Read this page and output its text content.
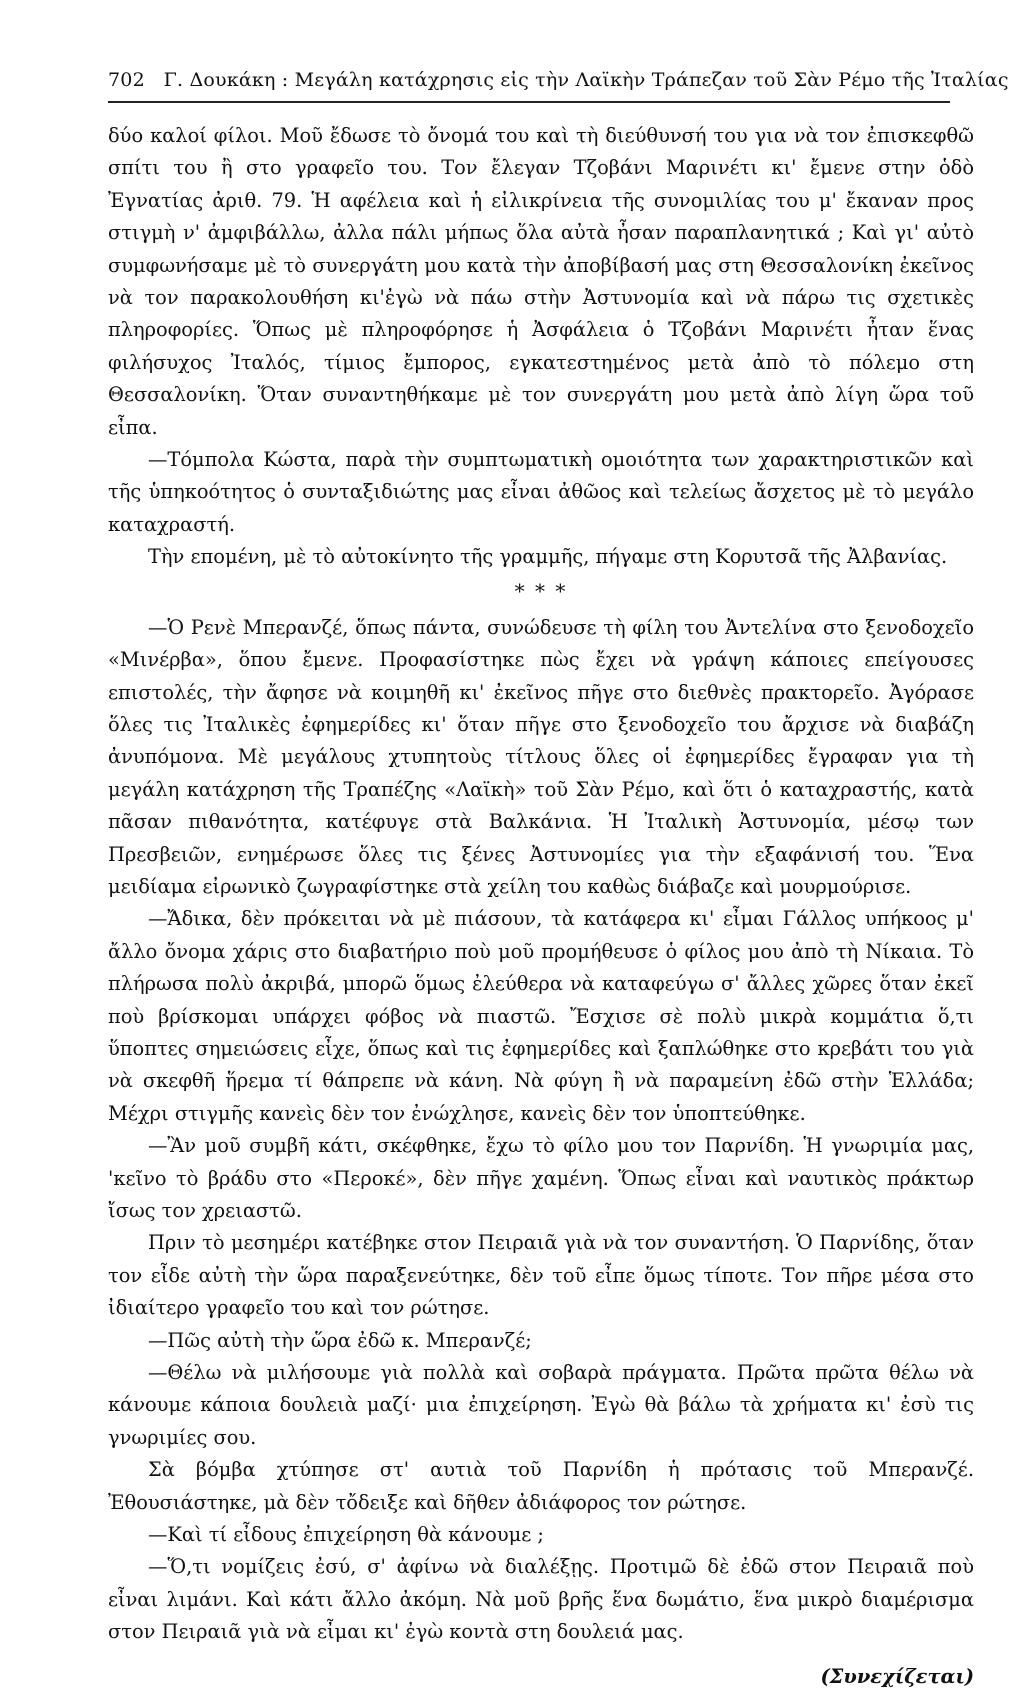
702 Γ. Δουκάκη : Μεγάλη κατάχρησις εἰς τὴν Λαϊκὴν Τράπεζαν τοῦ Σὰν Ρέμο τῆς Ἰταλίας

δύο καλοί φίλοι. Μοῦ ἔδωσε τὸ ὄνομά του καὶ τὴ διεύθυνσή του για νὰ τον ἐπισκεφθῶ σπίτι του ἢ στο γραφεῖο του. Τον ἔλεγαν Τζοβάνι Μαρινέτι κι' ἔμενε στην ὁδὸ Ἐγνατίας ἀριθ. 79. Ἡ αφέλεια καὶ ἡ εἰλικρίνεια τῆς συνομιλίας του μ' ἔκαναν προς στιγμὴ ν' ἀμφιβάλλω, ἀλλα πάλι μήπως ὅλα αὐτὰ ἦσαν παραπλανητικά ; Καὶ γι' αὐτὸ συμφωνήσαμε μὲ τὸ συνεργάτη μου κατὰ τὴν ἀποβίβασή μας στη Θεσσαλονίκη ἐκεῖνος νὰ τον παρακολουθήση κι'ἐγὼ νὰ πάω στὴν Ἀστυνομία καὶ νὰ πάρω τις σχετικὲς πληροφορίες. Ὅπως μὲ πληροφόρησε ἡ Ἀσφάλεια ὁ Τζοβάνι Μαρινέτι ἦταν ἕνας φιλήσυχος Ἰταλός, τίμιος ἔμπορος, εγκατεστημένος μετὰ ἀπὸ τὸ πόλεμο στη Θεσσαλονίκη. Ὅταν συναντηθήκαμε μὲ τον συνεργάτη μου μετὰ ἀπὸ λίγη ὥρα τοῦ εἶπα.

—Τόμπολα Κώστα, παρὰ τὴν συμπτωματικὴ ομοιότητα των χαρακτηριστικῶν καὶ τῆς ὑπηκοότητος ὁ συνταξιδιώτης μας εἶναι ἀθῶος καὶ τελείως ἄσχετος μὲ τὸ μεγάλο καταχραστή.

Τὴν επομένη, μὲ τὸ αὐτοκίνητο τῆς γραμμῆς, πήγαμε στη Κορυτσᾶ τῆς Ἀλβανίας.

* * *

—Ὁ Ρενὲ Μπερανζέ, ὅπως πάντα, συνώδευσε τὴ φίλη του Ἀντελίνα στο ξενοδοχεῖο «Μινέρβα», ὅπου ἔμενε. Προφασίστηκε πὼς ἔχει νὰ γράψη κάποιες επείγουσες επιστολές, τὴν ἄφησε νὰ κοιμηθῆ κι' ἐκεῖνος πῆγε στο διεθνὲς πρακτορεῖο. Ἀγόρασε ὅλες τις Ἰταλικὲς ἐφημερίδες κι' ὅταν πῆγε στο ξενοδοχεῖο του ἄρχισε νὰ διαβάζη ἀνυπόμονα. Μὲ μεγάλους χτυπητοὺς τίτλους ὅλες οἱ ἐφημερίδες ἔγραφαν για τὴ μεγάλη κατάχρηση τῆς Τραπέζης «Λαϊκὴ» τοῦ Σὰν Ρέμο, καὶ ὅτι ὁ καταχραστής, κατὰ πᾶσαν πιθανότητα, κατέφυγε στὰ Βαλκάνια. Ἡ Ἰταλικὴ Ἀστυνομία, μέσῳ των Πρεσβειῶν, ενημέρωσε ὅλες τις ξένες Ἀστυνομίες για τὴν εξαφάνισή του. Ἕνα μειδίαμα εἰρωνικὸ ζωγραφίστηκε στὰ χείλη του καθὼς διάβαζε καὶ μουρμούρισε.

—Ἄδικα, δὲν πρόκειται νὰ μὲ πιάσουν, τὰ κατάφερα κι' εἶμαι Γάλλος υπήκοος μ' ἄλλο ὄνομα χάρις στο διαβατήριο ποὺ μοῦ προμήθευσε ὁ φίλος μου ἀπὸ τὴ Νίκαια. Τὸ πλήρωσα πολὺ ἀκριβά, μπορῶ ὅμως ἐλεύθερα νὰ καταφεύγω σ' ἄλλες χῶρες ὅταν ἐκεῖ ποὺ βρίσκομαι υπάρχει φόβος νὰ πιαστῶ. Ἔσχισε σὲ πολὺ μικρὰ κομμάτια ὅ,τι ὕποπτες σημειώσεις εἶχε, ὅπως καὶ τις ἐφημερίδες καὶ ξαπλώθηκε στο κρεβάτι του γιὰ νὰ σκεφθῆ ἥρεμα τί θάπρεπε νὰ κάνη. Νὰ φύγη ἢ νὰ παραμείνη ἐδῶ στὴν Ἑλλάδα; Μέχρι στιγμῆς κανεὶς δὲν τον ἐνώχλησε, κανεὶς δὲν τον ὑποπτεύθηκε.

—Ἂν μοῦ συμβῆ κάτι, σκέφθηκε, ἔχω τὸ φίλο μου τον Παρνίδη. Ἡ γνωριμία μας, 'κεῖνο τὸ βράδυ στο «Περοκέ», δὲν πῆγε χαμένη. Ὅπως εἶναι καὶ ναυτικὸς πράκτωρ ἴσως τον χρειαστῶ.

Πριν τὸ μεσημέρι κατέβηκε στον Πειραιᾶ γιὰ νὰ τον συναντήση. Ὁ Παρνίδης, ὅταν τον εἶδε αὐτὴ τὴν ὥρα παραξενεύτηκε, δὲν τοῦ εἶπε ὅμως τίποτε. Τον πῆρε μέσα στο ἰδιαίτερο γραφεῖο του καὶ τον ρώτησε.

—Πῶς αὐτὴ τὴν ὥρα ἐδῶ κ. Μπερανζέ;

—Θέλω νὰ μιλήσουμε γιὰ πολλὰ καὶ σοβαρὰ πράγματα. Πρῶτα πρῶτα θέλω νὰ κάνουμε κάποια δουλειὰ μαζί· μια ἐπιχείρηση. Ἐγὼ θὰ βάλω τὰ χρήματα κι' ἐσὺ τις γνωριμίες σου.

Σὰ βόμβα χτύπησε στ' αυτιὰ τοῦ Παρνίδη ἡ πρότασις τοῦ Μπερανζέ. Ἐθουσιάστηκε, μὰ δὲν τὄδειξε καὶ δῆθεν ἀδιάφορος τον ρώτησε.

—Καὶ τί εἶδους ἐπιχείρηση θὰ κάνουμε ;

—Ὅ,τι νομίζεις ἐσύ, σ' ἀφίνω νὰ διαλέξῃς. Προτιμῶ δὲ ἐδῶ στον Πειραιᾶ ποὺ εἶναι λιμάνι. Καὶ κάτι ἄλλο ἀκόμη. Νὰ μοῦ βρῆς ἕνα δωμάτιο, ἕνα μικρὸ διαμέρισμα στον Πειραιᾶ γιὰ νὰ εἶμαι κι' ἐγὼ κοντὰ στη δουλειά μας.

(Συνεχίζεται)
